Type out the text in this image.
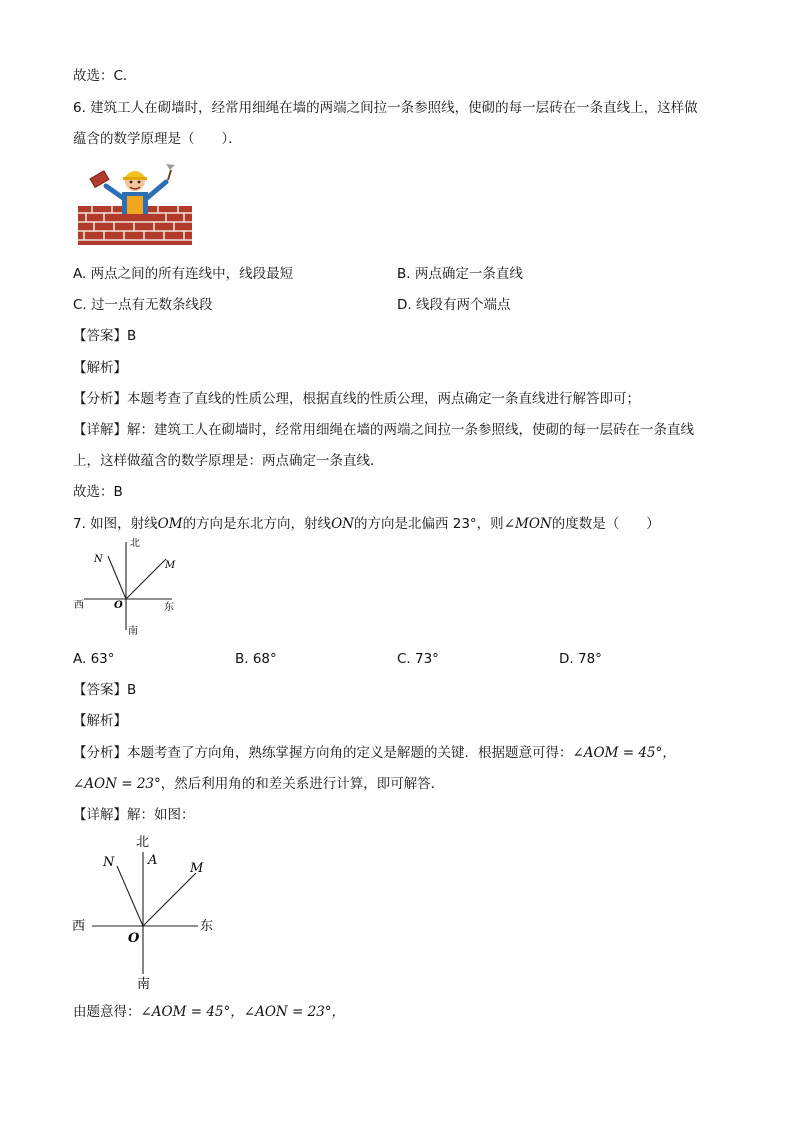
故选：C．
6. 建筑工人在砌墙时，经常用细绳在墙的两端之间拉一条参照线，使砌的每一层砖在一条直线上，这样做
蕴含的数学原理是（　　）．
A. 两点之间的所有连线中，线段最短	B. 两点确定一条直线
C. 过一点有无数条线段	D. 线段有两个端点
【答案】B
【解析】
【分析】本题考查了直线的性质公理，根据直线的性质公理，两点确定一条直线进行解答即可；
【详解】解：建筑工人在砌墙时，经常用细绳在墙的两端之间拉一条参照线，使砌的每一层砖在一条直线
上，这样做蕴含的数学原理是：两点确定一条直线．
故选：B
7. 如图，射线OM的方向是东北方向，射线ON的方向是北偏西 23°，则∠MON的度数是（　　）
北
N
M
西	O	东
南
A. 63°	B. 68°	C. 73°	D. 78°
【答案】B
【解析】
【分析】本题考查了方向角，熟练掌握方向角的定义是解题的关键．根据题意可得：∠AOM = 45°，
∠AON = 23°，然后利用角的和差关系进行计算，即可解答．
【详解】解：如图：
北
N	A
M
西	东
O
南
由题意得：∠AOM = 45°，∠AON = 23°，
